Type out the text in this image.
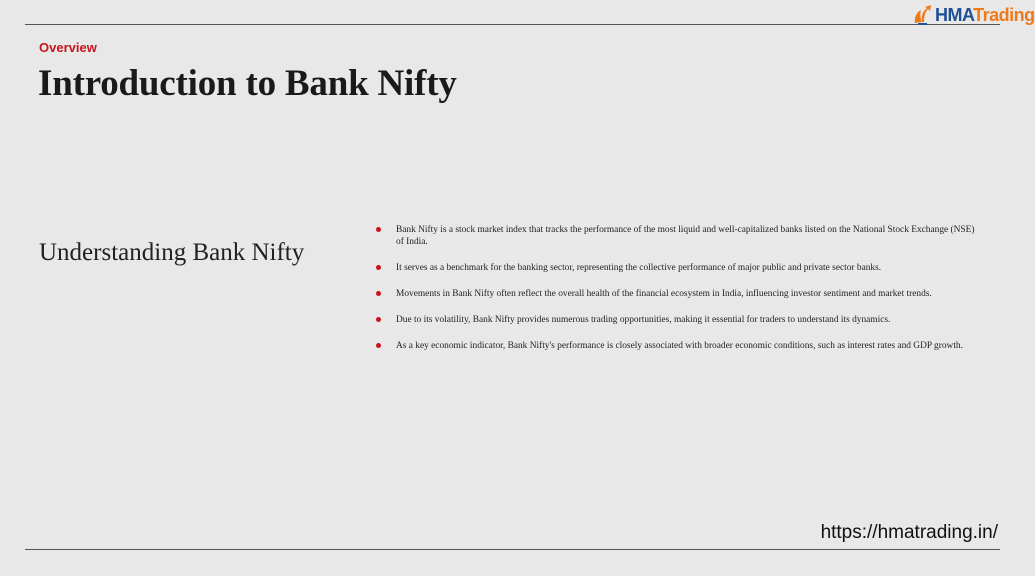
HMATrading
Overview
Introduction to Bank Nifty
Understanding Bank Nifty
Bank Nifty is a stock market index that tracks the performance of the most liquid and well-capitalized banks listed on the National Stock Exchange (NSE) of India.
It serves as a benchmark for the banking sector, representing the collective performance of major public and private sector banks.
Movements in Bank Nifty often reflect the overall health of the financial ecosystem in India, influencing investor sentiment and market trends.
Due to its volatility, Bank Nifty provides numerous trading opportunities, making it essential for traders to understand its dynamics.
As a key economic indicator, Bank Nifty's performance is closely associated with broader economic conditions, such as interest rates and GDP growth.
https://hmatrading.in/
